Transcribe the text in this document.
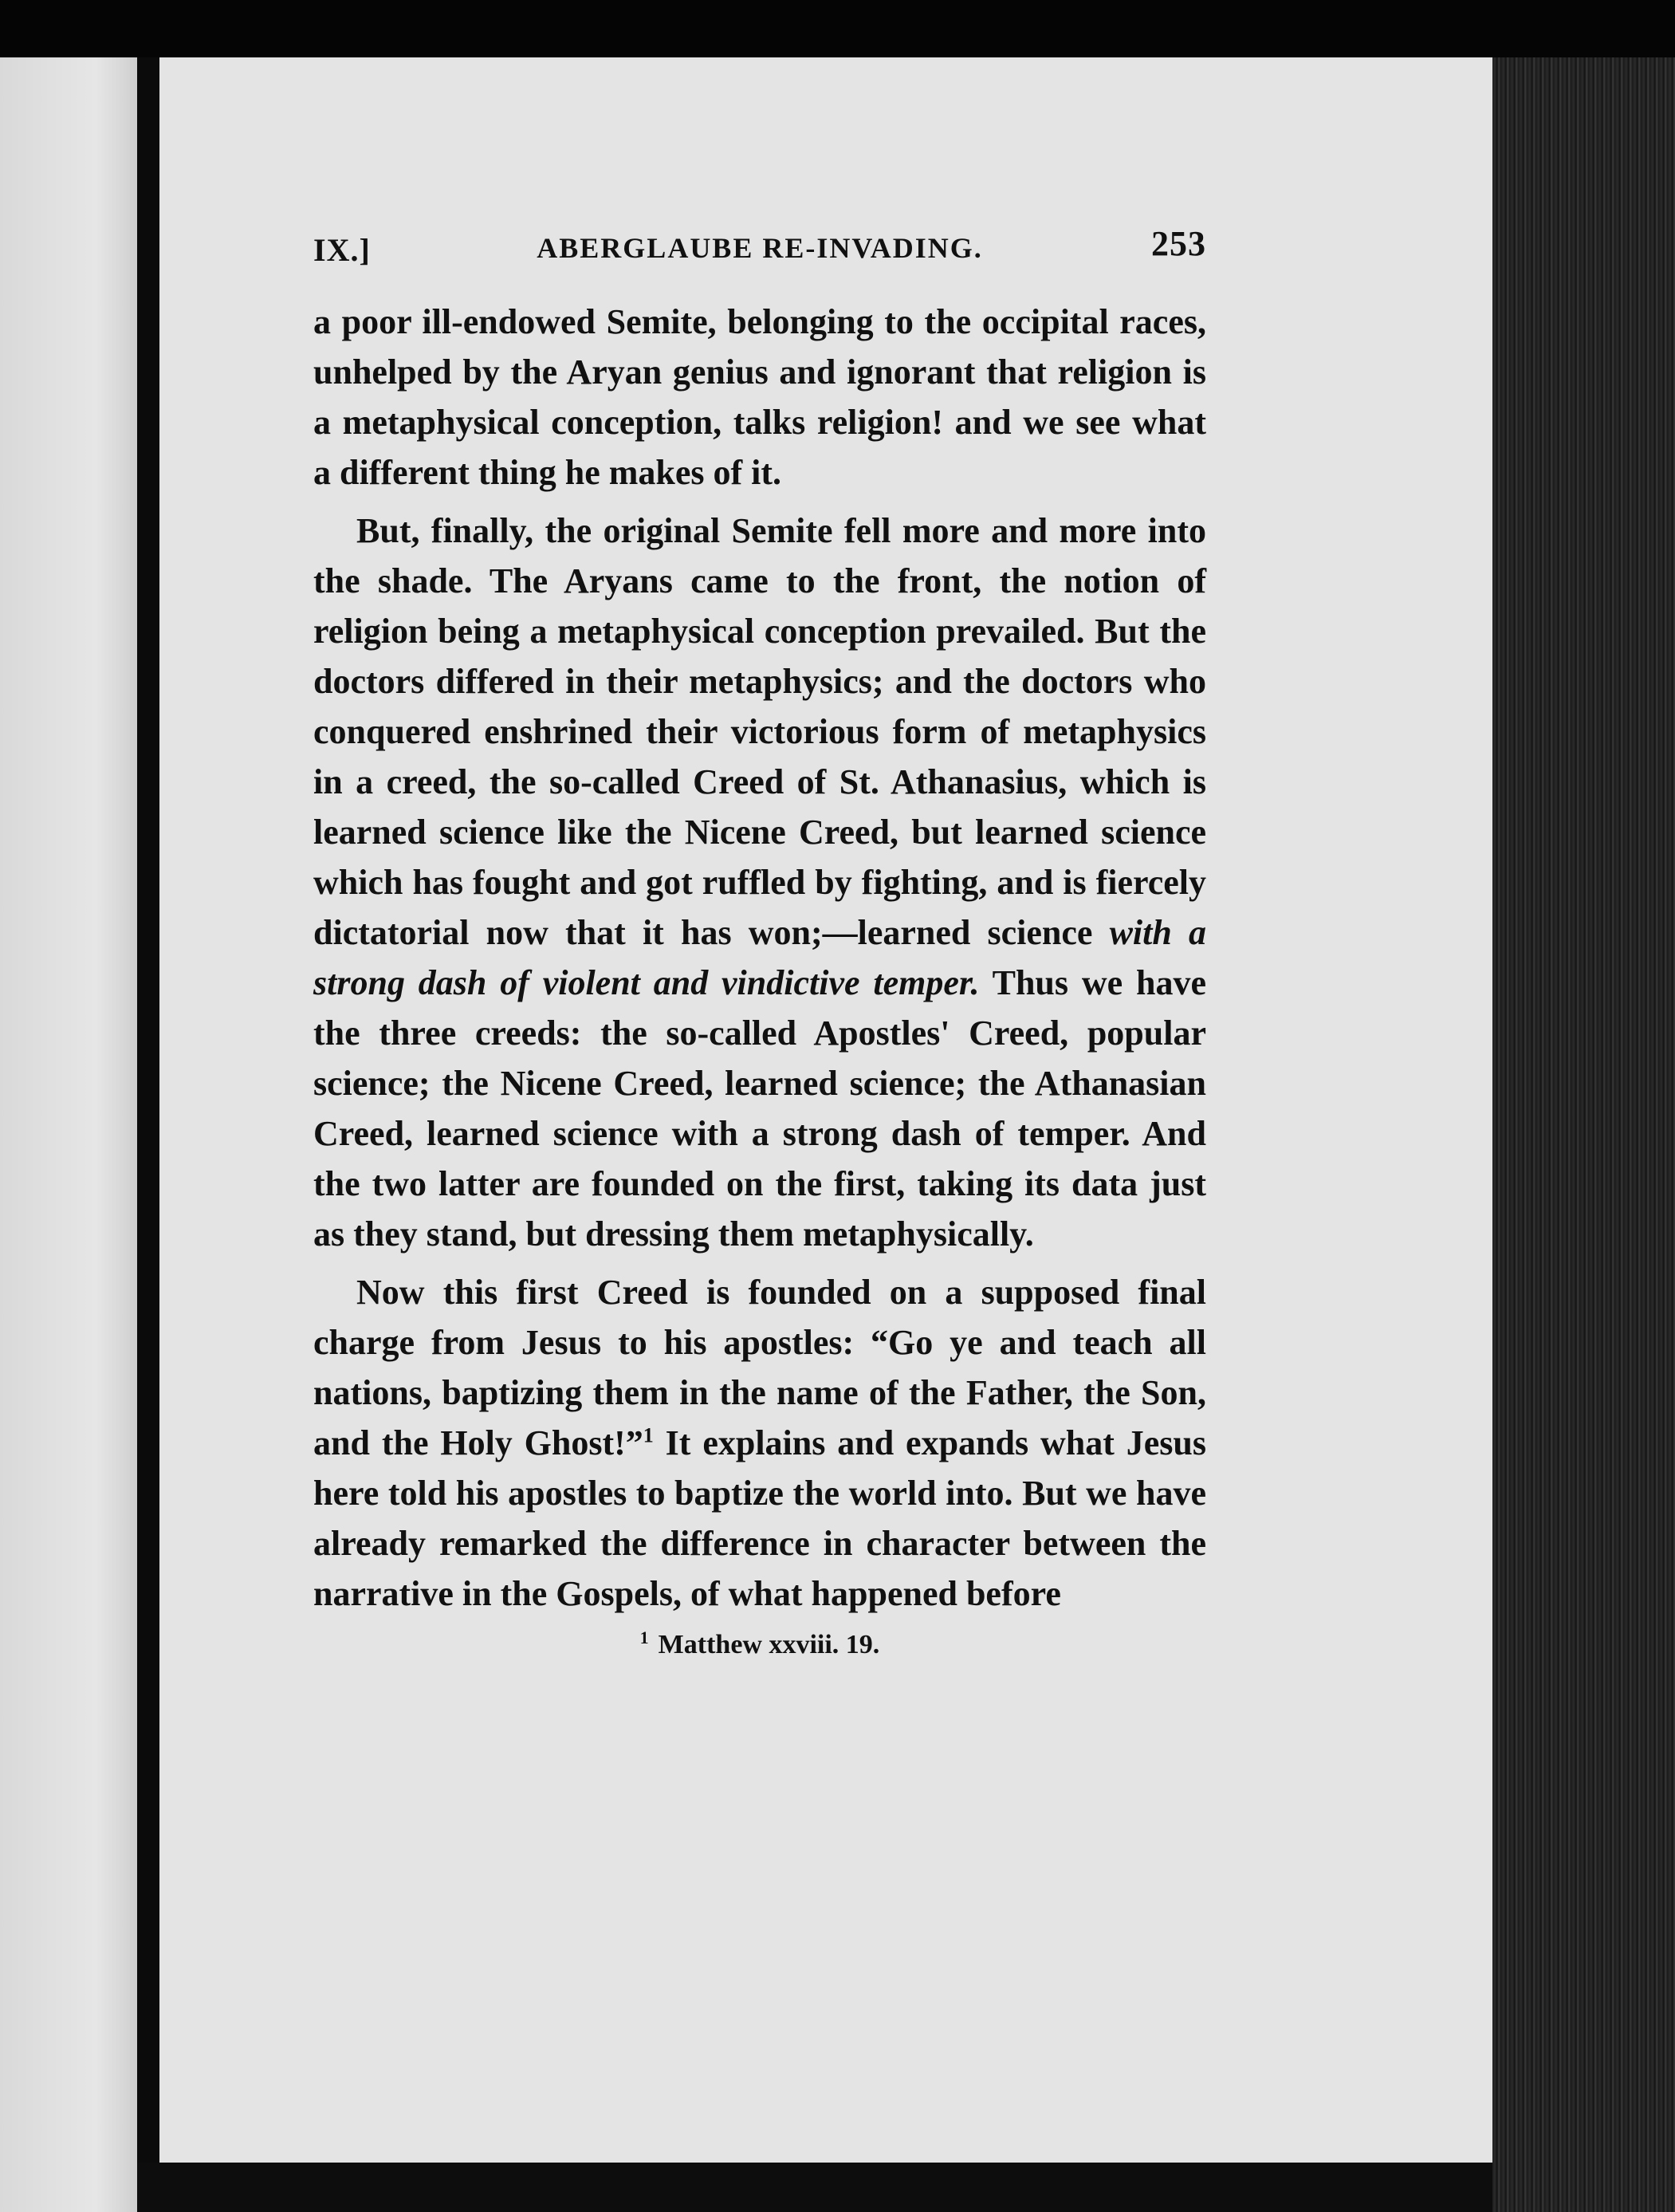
IX.]	ABERGLAUBE RE-INVADING.	253

a poor ill-endowed Semite, belonging to the occipital races, unhelped by the Aryan genius and ignorant that religion is a metaphysical conception, talks religion! and we see what a different thing he makes of it.

But, finally, the original Semite fell more and more into the shade. The Aryans came to the front, the notion of religion being a metaphysical conception prevailed. But the doctors differed in their metaphysics; and the doctors who conquered enshrined their victorious form of metaphysics in a creed, the so-called Creed of St. Athanasius, which is learned science like the Nicene Creed, but learned science which has fought and got ruffled by fighting, and is fiercely dictatorial now that it has won;—learned science with a strong dash of violent and vindictive temper. Thus we have the three creeds: the so-called Apostles' Creed, popular science; the Nicene Creed, learned science; the Athanasian Creed, learned science with a strong dash of temper. And the two latter are founded on the first, taking its data just as they stand, but dressing them metaphysically.

Now this first Creed is founded on a supposed final charge from Jesus to his apostles: “Go ye and teach all nations, baptizing them in the name of the Father, the Son, and the Holy Ghost!”$^1$ It explains and expands what Jesus here told his apostles to baptize the world into. But we have already remarked the difference in character between the narrative in the Gospels, of what happened before

$^1$ Matthew xxviii. 19.
